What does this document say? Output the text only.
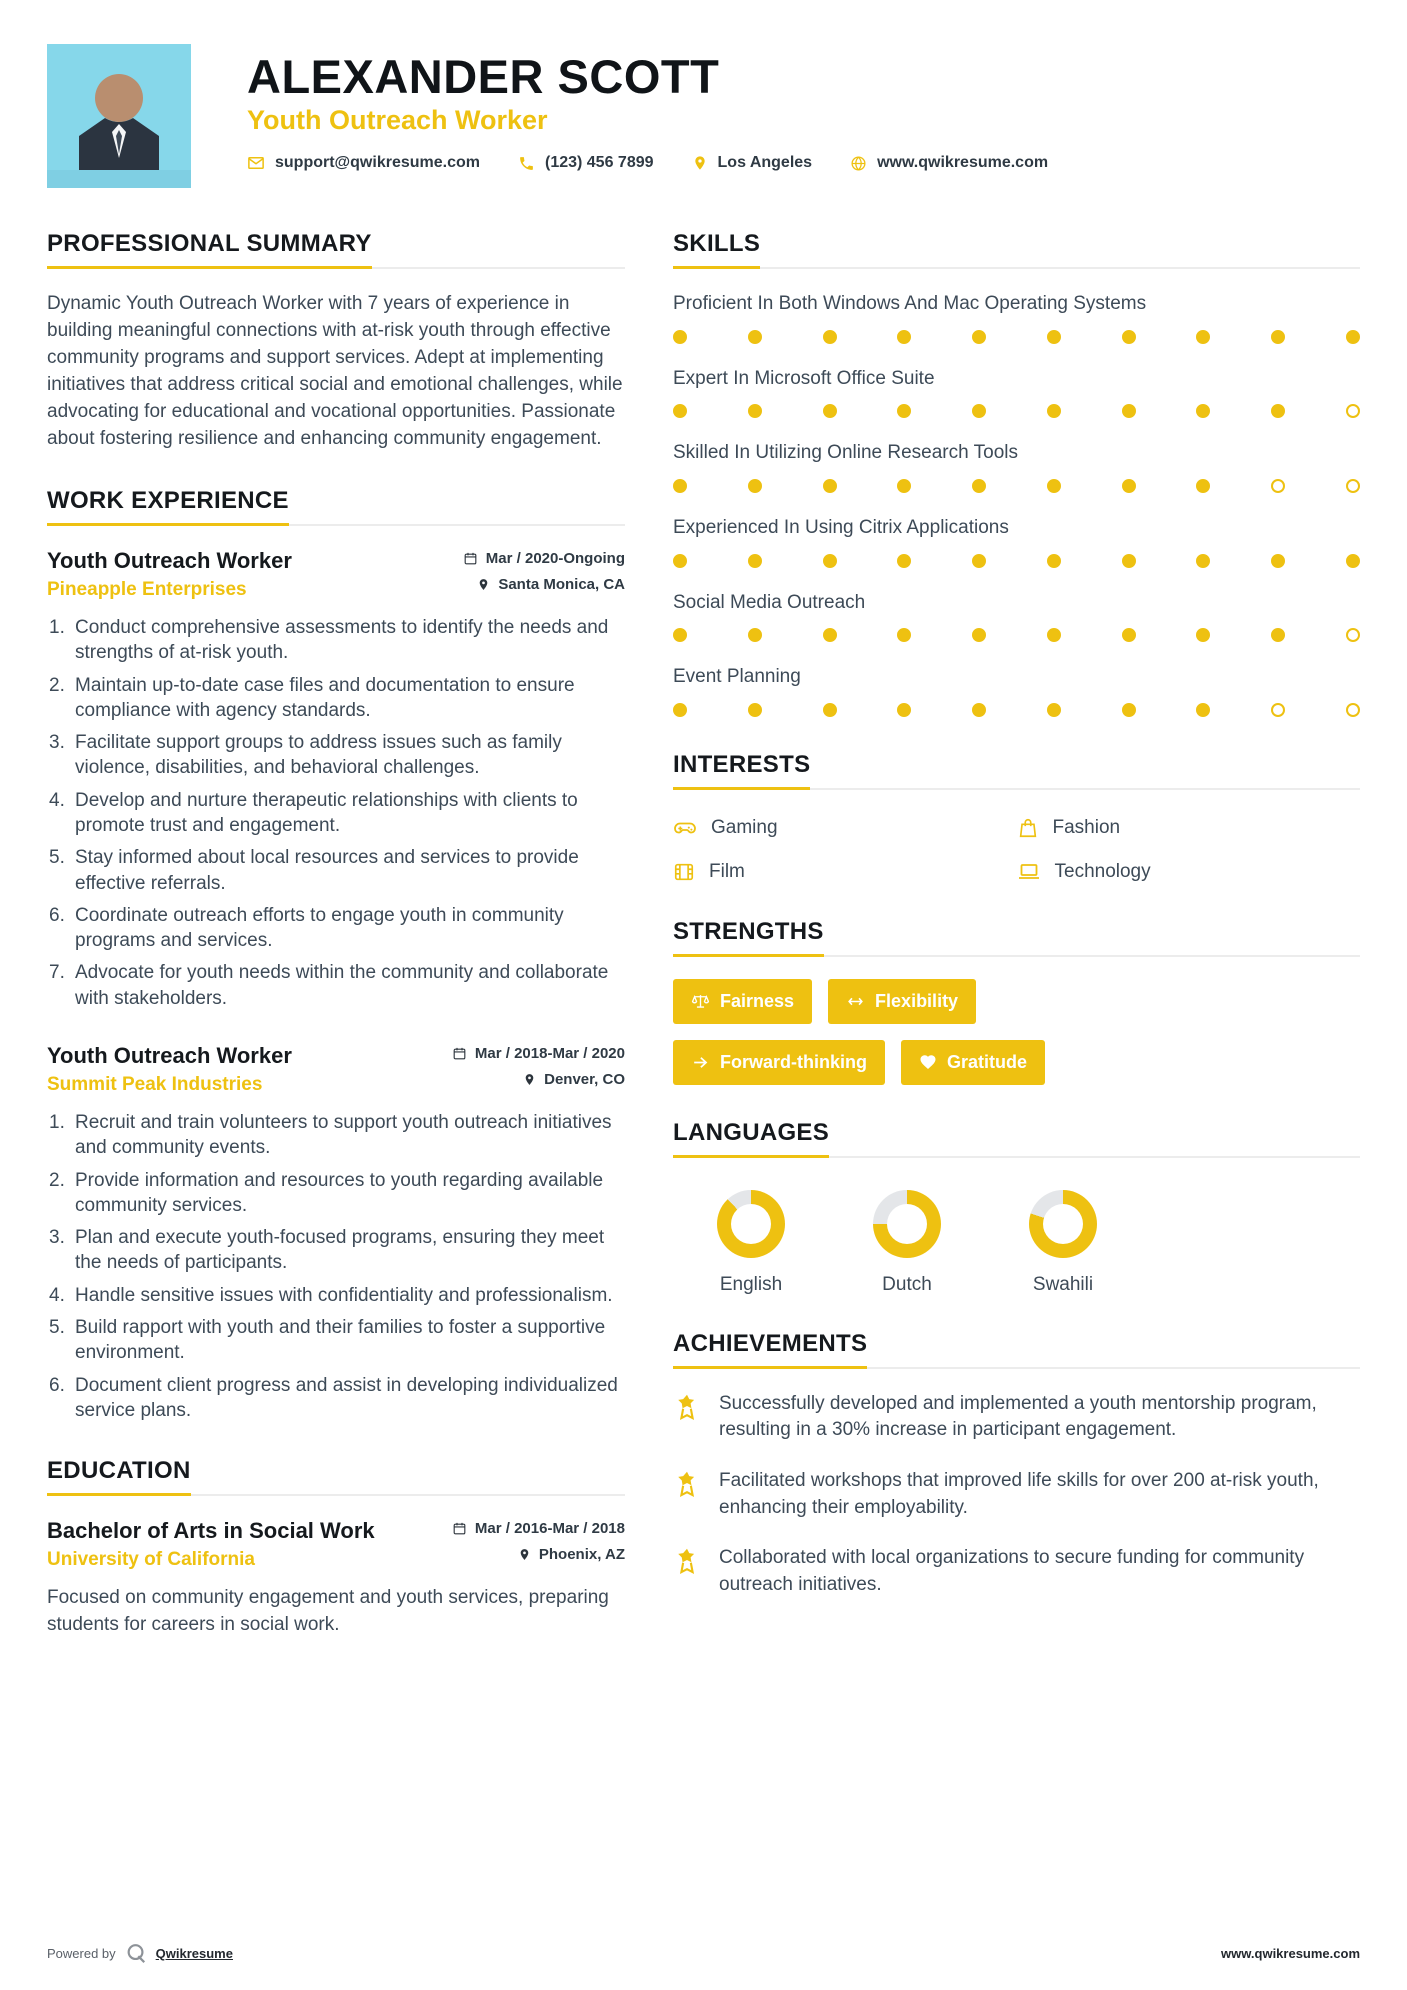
ALEXANDER SCOTT
Youth Outreach Worker
support@qwikresume.com	(123) 456 7899	Los Angeles	www.qwikresume.com
PROFESSIONAL SUMMARY

Dynamic Youth Outreach Worker with 7 years of experience in building meaningful connections with at-risk youth through effective community programs and support services. Adept at implementing initiatives that address critical social and emotional challenges, while advocating for educational and vocational opportunities. Passionate about fostering resilience and enhancing community engagement.

WORK EXPERIENCE
Youth Outreach Worker
Pineapple Enterprises
Mar / 2020-Ongoing
Santa Monica, CA
Conduct comprehensive assessments to identify the needs and strengths of at-risk youth.
Maintain up-to-date case files and documentation to ensure compliance with agency standards.
Facilitate support groups to address issues such as family violence, disabilities, and behavioral challenges.
Develop and nurture therapeutic relationships with clients to promote trust and engagement.
Stay informed about local resources and services to provide effective referrals.
Coordinate outreach efforts to engage youth in community programs and services.
Advocate for youth needs within the community and collaborate with stakeholders.
Youth Outreach Worker
Summit Peak Industries
Mar / 2018-Mar / 2020
Denver, CO
Recruit and train volunteers to support youth outreach initiatives and community events.
Provide information and resources to youth regarding available community services.
Plan and execute youth-focused programs, ensuring they meet the needs of participants.
Handle sensitive issues with confidentiality and professionalism.
Build rapport with youth and their families to foster a supportive environment.
Document client progress and assist in developing individualized service plans.
EDUCATION
Bachelor of Arts in Social Work
University of California
Mar / 2016-Mar / 2018
Phoenix, AZ

Focused on community engagement and youth services, preparing students for careers in social work.

SKILLS
Proficient In Both Windows And Mac Operating Systems
Expert In Microsoft Office Suite
Skilled In Utilizing Online Research Tools
Experienced In Using Citrix Applications
Social Media Outreach
Event Planning
INTERESTS
Gaming	Fashion
Film	Technology
STRENGTHS
Fairness	Flexibility
Forward-thinking	Gratitude
LANGUAGES
English	Dutch	Swahili
ACHIEVEMENTS

Successfully developed and implemented a youth mentorship program, resulting in a 30% increase in participant engagement.

Facilitated workshops that improved life skills for over 200 at-risk youth, enhancing their employability.

Collaborated with local organizations to secure funding for community outreach initiatives.

Powered by	Qwikresume	www.qwikresume.com
